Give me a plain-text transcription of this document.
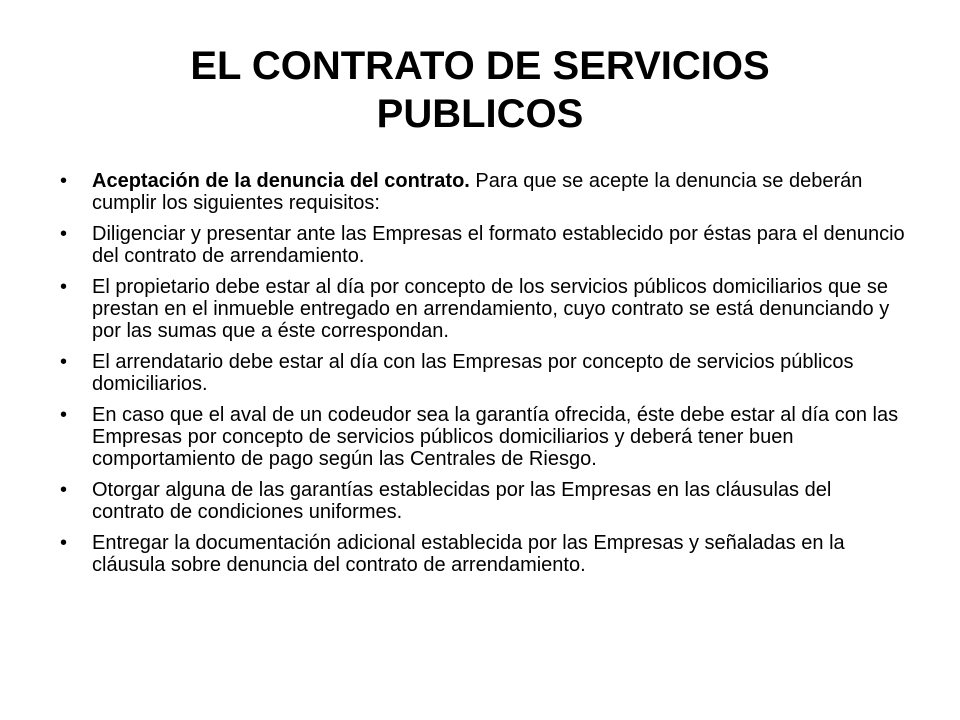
EL CONTRATO DE SERVICIOS
PUBLICOS
• Aceptación de la denuncia del contrato. Para que se acepte la denuncia se deberán cumplir los siguientes requisitos:
• Diligenciar y presentar ante las Empresas el formato establecido por éstas para el denuncio del contrato de arrendamiento.
• El propietario debe estar al día por concepto de los servicios públicos domiciliarios que se prestan en el inmueble entregado en arrendamiento, cuyo contrato se está denunciando y por las sumas que a éste correspondan.
• El arrendatario debe estar al día con las Empresas por concepto de servicios públicos domiciliarios.
• En caso que el aval de un codeudor sea la garantía ofrecida, éste debe estar al día con las Empresas por concepto de servicios públicos domiciliarios y deberá tener buen comportamiento de pago según las Centrales de Riesgo.
• Otorgar alguna de las garantías establecidas por las Empresas en las cláusulas del contrato de condiciones uniformes.
• Entregar la documentación adicional establecida por las Empresas y señaladas en la cláusula sobre denuncia del contrato de arrendamiento.
